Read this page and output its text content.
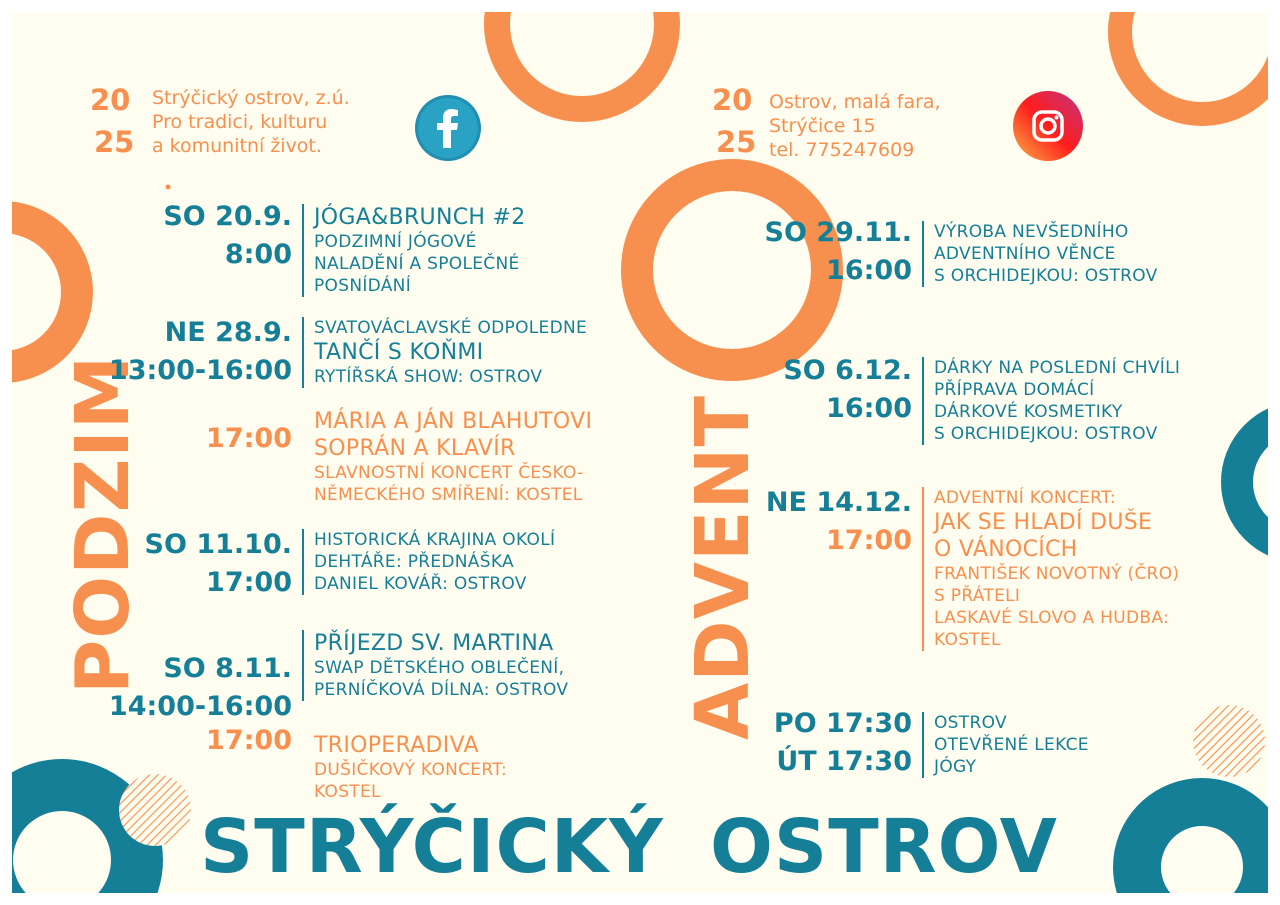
20
25
Strýčický ostrov, z.ú.
Pro tradici, kulturu
a komunitní život.
20
25
Ostrov, malá fara,
Strýčice 15
tel. 775247609
PODZIM	ADVENT
SO 20.9.
8:00
JÓGA&BRUNCH #2
PODZIMNÍ JÓGOVÉ
NALADĚNÍ A SPOLEČNÉ
POSNÍDÁNÍ
NE 28.9.
13:00-16:00
SVATOVÁCLAVSKÉ ODPOLEDNE
TANČÍ S KOŇMI
RYTÍŘSKÁ SHOW: OSTROV
17:00
MÁRIA A JÁN BLAHUTOVI
SOPRÁN A KLAVÍR
SLAVNOSTNÍ KONCERT ČESKO-
NĚMECKÉHO SMÍŘENÍ: KOSTEL
SO 11.10.
17:00
HISTORICKÁ KRAJINA OKOLÍ
DEHTÁŘE: PŘEDNÁŠKA
DANIEL KOVÁŘ: OSTROV
SO 8.11.
14:00-16:00
PŘÍJEZD SV. MARTINA
SWAP DĚTSKÉHO OBLEČENÍ,
PERNÍČKOVÁ DÍLNA: OSTROV
17:00 TRIOPERADIVA
DUŠIČKOVÝ KONCERT:
KOSTEL
SO 29.11.
16:00
VÝROBA NEVŠEDNÍHO
ADVENTNÍHO VĚNCE
S ORCHIDEJKOU: OSTROV
SO 6.12.
16:00
DÁRKY NA POSLEDNÍ CHVÍLI
PŘÍPRAVA DOMÁCÍ
DÁRKOVÉ KOSMETIKY
S ORCHIDEJKOU: OSTROV
NE 14.12.
17:00
ADVENTNÍ KONCERT:
JAK SE HLADÍ DUŠE
O VÁNOCÍCH
FRANTIŠEK NOVOTNÝ (ČRO)
S PŘÁTELI
LASKAVÉ SLOVO A HUDBA:
KOSTEL
PO 17:30
ÚT 17:30
OSTROV
OTEVŘENÉ LEKCE
JÓGY
STRÝČICKÝ OSTROV
